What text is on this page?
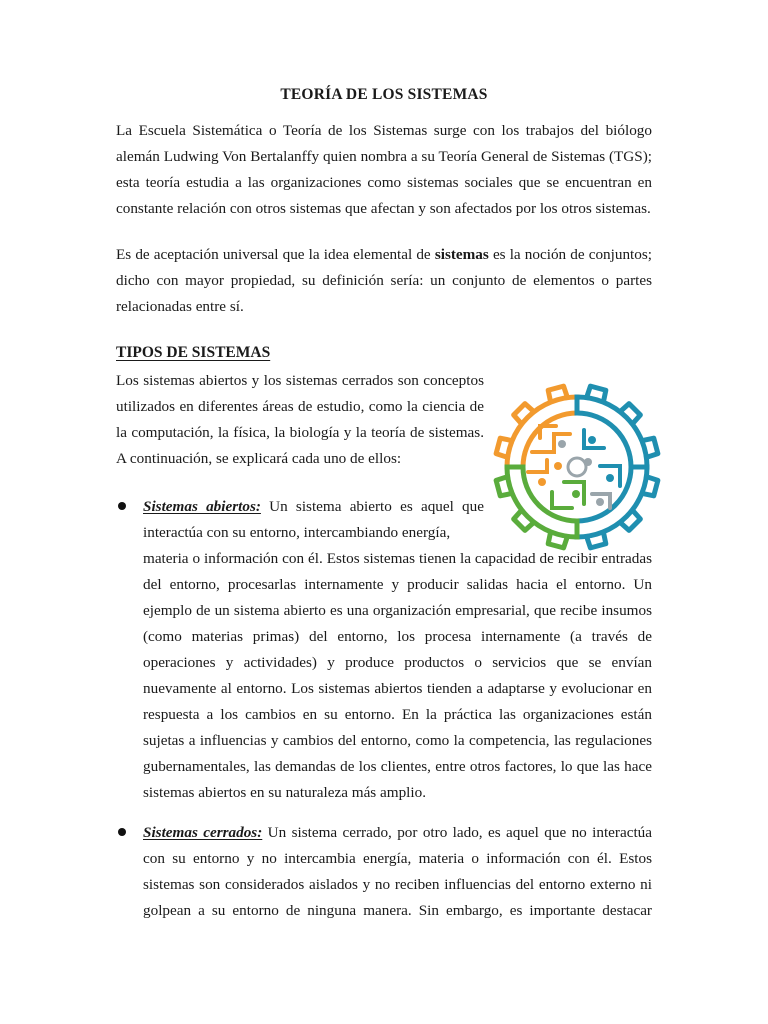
TEORÍA DE LOS SISTEMAS
La Escuela Sistemática o Teoría de los Sistemas surge con los trabajos del biólogo alemán Ludwing Von Bertalanffy quien nombra a su Teoría General de Sistemas (TGS); esta teoría estudia a las organizaciones como sistemas sociales que se encuentran en constante relación con otros sistemas que afectan y son afectados por los otros sistemas.
Es de aceptación universal que la idea elemental de sistemas es la noción de conjuntos; dicho con mayor propiedad, su definición sería: un conjunto de elementos o partes relacionadas entre sí.
TIPOS DE SISTEMAS
Los sistemas abiertos y los sistemas cerrados son conceptos utilizados en diferentes áreas de estudio, como la ciencia de la computación, la física, la biología y la teoría de sistemas. A continuación, se explicará cada uno de ellos:
Sistemas abiertos: Un sistema abierto es aquel que interactúa con su entorno, intercambiando energía,
materia o información con él. Estos sistemas tienen la capacidad de recibir entradas del entorno, procesarlas internamente y producir salidas hacia el entorno. Un ejemplo de un sistema abierto es una organización empresarial, que recibe insumos (como materias primas) del entorno, los procesa internamente (a través de operaciones y actividades) y produce productos o servicios que se envían nuevamente al entorno. Los sistemas abiertos tienden a adaptarse y evolucionar en respuesta a los cambios en su entorno. En la práctica las organizaciones están sujetas a influencias y cambios del entorno, como la competencia, las regulaciones gubernamentales, las demandas de los clientes, entre otros factores, lo que las hace sistemas abiertos en su naturaleza más amplio.
Sistemas cerrados: Un sistema cerrado, por otro lado, es aquel que no interactúa con su entorno y no intercambia energía, materia o información con él. Estos sistemas son considerados aislados y no reciben influencias del entorno externo ni golpean a su entorno de ninguna manera. Sin embargo, es importante destacar
